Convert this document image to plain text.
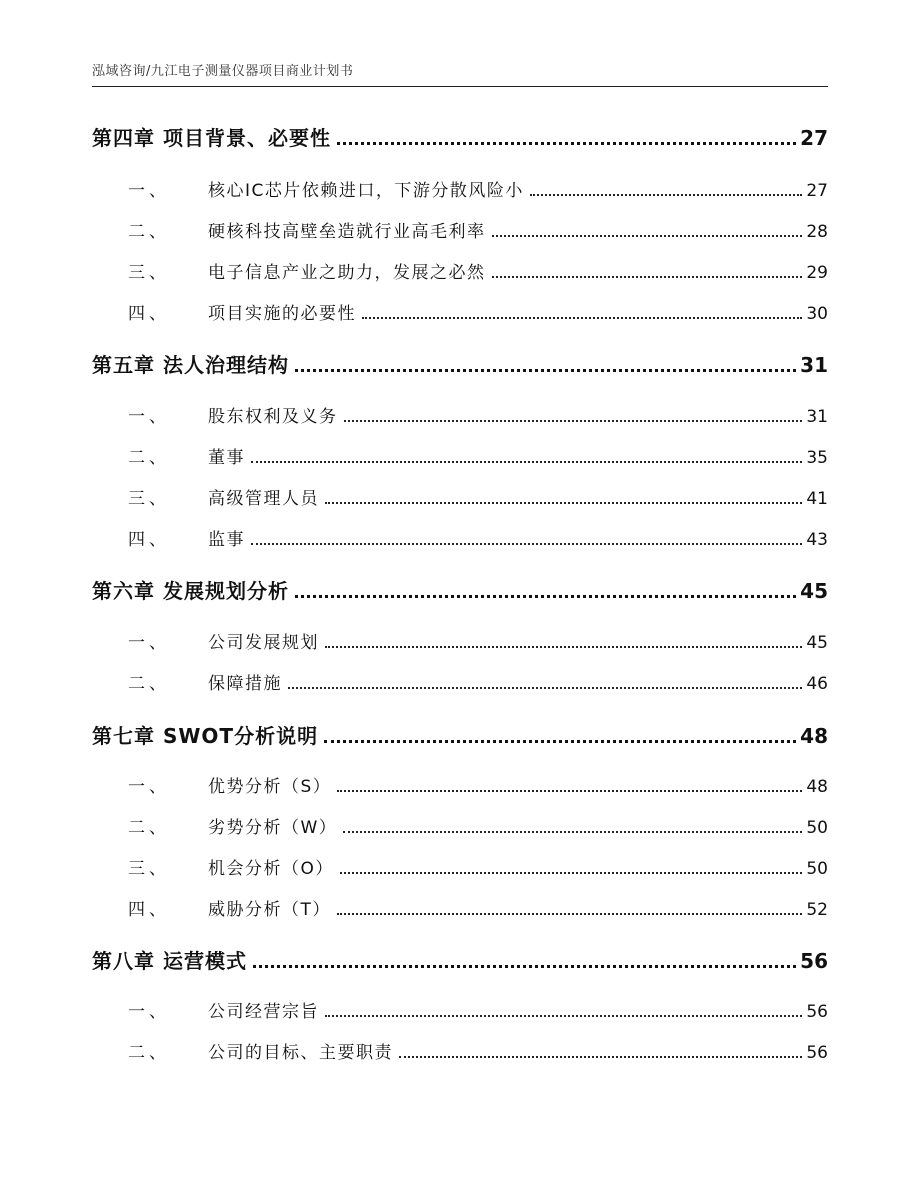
泓域咨询/九江电子测量仪器项目商业计划书
第四章 项目背景、必要性	27
一、	核心IC芯片依赖进口，下游分散风险小	27
二、	硬核科技高壁垒造就行业高毛利率	28
三、	电子信息产业之助力，发展之必然	29
四、	项目实施的必要性	30
第五章 法人治理结构	31
一、	股东权利及义务	31
二、	董事	35
三、	高级管理人员	41
四、	监事	43
第六章 发展规划分析	45
一、	公司发展规划	45
二、	保障措施	46
第七章 SWOT分析说明	48
一、	优势分析（S）	48
二、	劣势分析（W）	50
三、	机会分析（O）	50
四、	威胁分析（T）	52
第八章 运营模式	56
一、	公司经营宗旨	56
二、	公司的目标、主要职责	56
